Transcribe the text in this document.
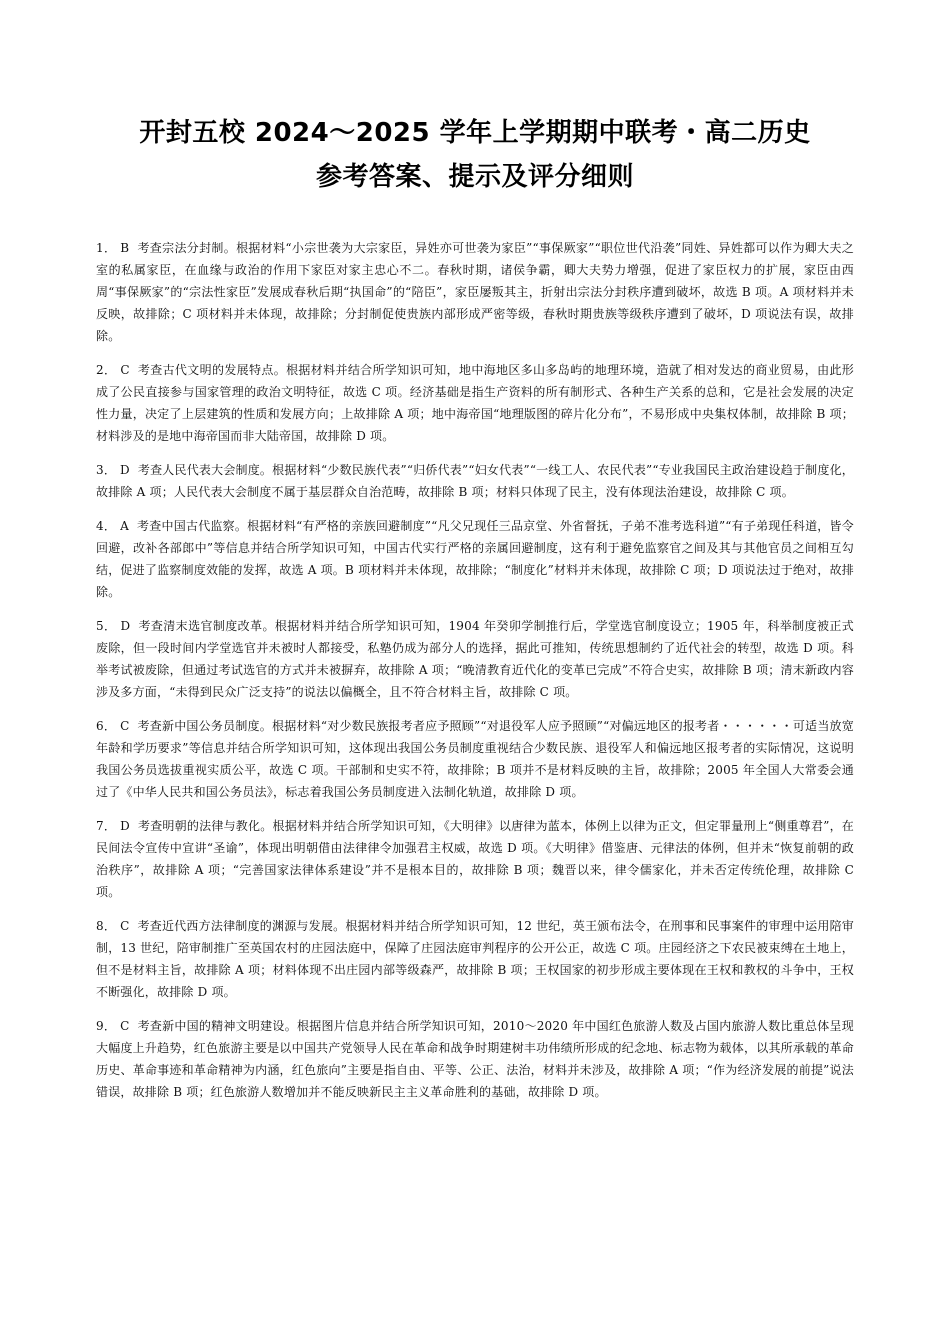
开封五校 2024～2025 学年上学期期中联考・高二历史
参考答案、提示及评分细则

1． B 考查宗法分封制。根据材料“小宗世袭为大宗家臣，异姓亦可世袭为家臣”“事保厥家”“职位世代沿袭”同姓、异姓都可以作为卿大夫之室的私属家臣，在血缘与政治的作用下家臣对家主忠心不二。春秋时期，诸侯争霸，卿大夫势力增强，促进了家臣权力的扩展，家臣由西周“事保厥家”的“宗法性家臣”发展成春秋后期“执国命”的“陪臣”，家臣屡叛其主，折射出宗法分封秩序遭到破坏，故选 B 项。A 项材料并未反映，故排除；C 项材料并未体现，故排除；分封制促使贵族内部形成严密等级，春秋时期贵族等级秩序遭到了破坏，D 项说法有误，故排除。

2． C 考查古代文明的发展特点。根据材料并结合所学知识可知，地中海地区多山多岛屿的地理环境，造就了相对发达的商业贸易，由此形成了公民直接参与国家管理的政治文明特征，故选 C 项。经济基础是指生产资料的所有制形式、各种生产关系的总和，它是社会发展的决定性力量，决定了上层建筑的性质和发展方向；上故排除 A 项；地中海帝国“地理版图的碎片化分布”，不易形成中央集权体制，故排除 B 项；材料涉及的是地中海帝国而非大陆帝国，故排除 D 项。

3． D 考查人民代表大会制度。根据材料“少数民族代表”“归侨代表”“妇女代表”“一线工人、农民代表”“专业我国民主政治建设趋于制度化，故排除 A 项；人民代表大会制度不属于基层群众自治范畴，故排除 B 项；材料只体现了民主，没有体现法治建设，故排除 C 项。

4． A 考查中国古代监察。根据材料“有严格的亲族回避制度”“凡父兄现任三品京堂、外省督抚，子弟不准考选科道”“有子弟现任科道，皆令回避，改补各部郎中”等信息并结合所学知识可知，中国古代实行严格的亲属回避制度，这有利于避免监察官之间及其与其他官员之间相互勾结，促进了监察制度效能的发挥，故选 A 项。B 项材料并未体现，故排除；“制度化”材料并未体现，故排除 C 项；D 项说法过于绝对，故排除。

5． D 考查清末选官制度改革。根据材料并结合所学知识可知，1904 年癸卯学制推行后，学堂选官制度设立；1905 年，科举制度被正式废除，但一段时间内学堂选官并未被时人都接受，私塾仍成为部分人的选择，据此可推知，传统思想制约了近代社会的转型，故选 D 项。科举考试被废除，但通过考试选官的方式并未被摒弃，故排除 A 项；“晚清教育近代化的变革已完成”不符合史实，故排除 B 项；清末新政内容涉及多方面，“未得到民众广泛支持”的说法以偏概全，且不符合材料主旨，故排除 C 项。

6． C 考查新中国公务员制度。根据材料“对少数民族报考者应予照顾”“对退役军人应予照顾”“对偏远地区的报考者・・・・・・可适当放宽年龄和学历要求”等信息并结合所学知识可知，这体现出我国公务员制度重视结合少数民族、退役军人和偏远地区报考者的实际情况，这说明我国公务员选拔重视实质公平，故选 C 项。干部制和史实不符，故排除；B 项并不是材料反映的主旨，故排除；2005 年全国人大常委会通过了《中华人民共和国公务员法》，标志着我国公务员制度进入法制化轨道，故排除 D 项。

7． D 考查明朝的法律与教化。根据材料并结合所学知识可知，《大明律》以唐律为蓝本，体例上以律为正文，但定罪量刑上“侧重尊君”，在民间法令宣传中宣讲“圣谕”，体现出明朝借由法律律令加强君主权威，故选 D 项。《大明律》借鉴唐、元律法的体例，但并未“恢复前朝的政治秩序”，故排除 A 项；“完善国家法律体系建设”并不是根本目的，故排除 B 项；魏晋以来，律令儒家化，并未否定传统伦理，故排除 C 项。

8． C 考查近代西方法律制度的渊源与发展。根据材料并结合所学知识可知，12 世纪，英王颁布法令，在刑事和民事案件的审理中运用陪审制，13 世纪，陪审制推广至英国农村的庄园法庭中，保障了庄园法庭审判程序的公开公正，故选 C 项。庄园经济之下农民被束缚在土地上，但不是材料主旨，故排除 A 项；材料体现不出庄园内部等级森严，故排除 B 项；王权国家的初步形成主要体现在王权和教权的斗争中，王权不断强化，故排除 D 项。

9． C 考查新中国的精神文明建设。根据图片信息并结合所学知识可知，2010～2020 年中国红色旅游人数及占国内旅游人数比重总体呈现大幅度上升趋势，红色旅游主要是以中国共产党领导人民在革命和战争时期建树丰功伟绩所形成的纪念地、标志物为载体，以其所承载的革命历史、革命事迹和革命精神为内涵，红色旅向”主要是指自由、平等、公正、法治，材料并未涉及，故排除 A 项；“作为经济发展的前提”说法错误，故排除 B 项；红色旅游人数增加并不能反映新民主主义革命胜利的基础，故排除 D 项。
